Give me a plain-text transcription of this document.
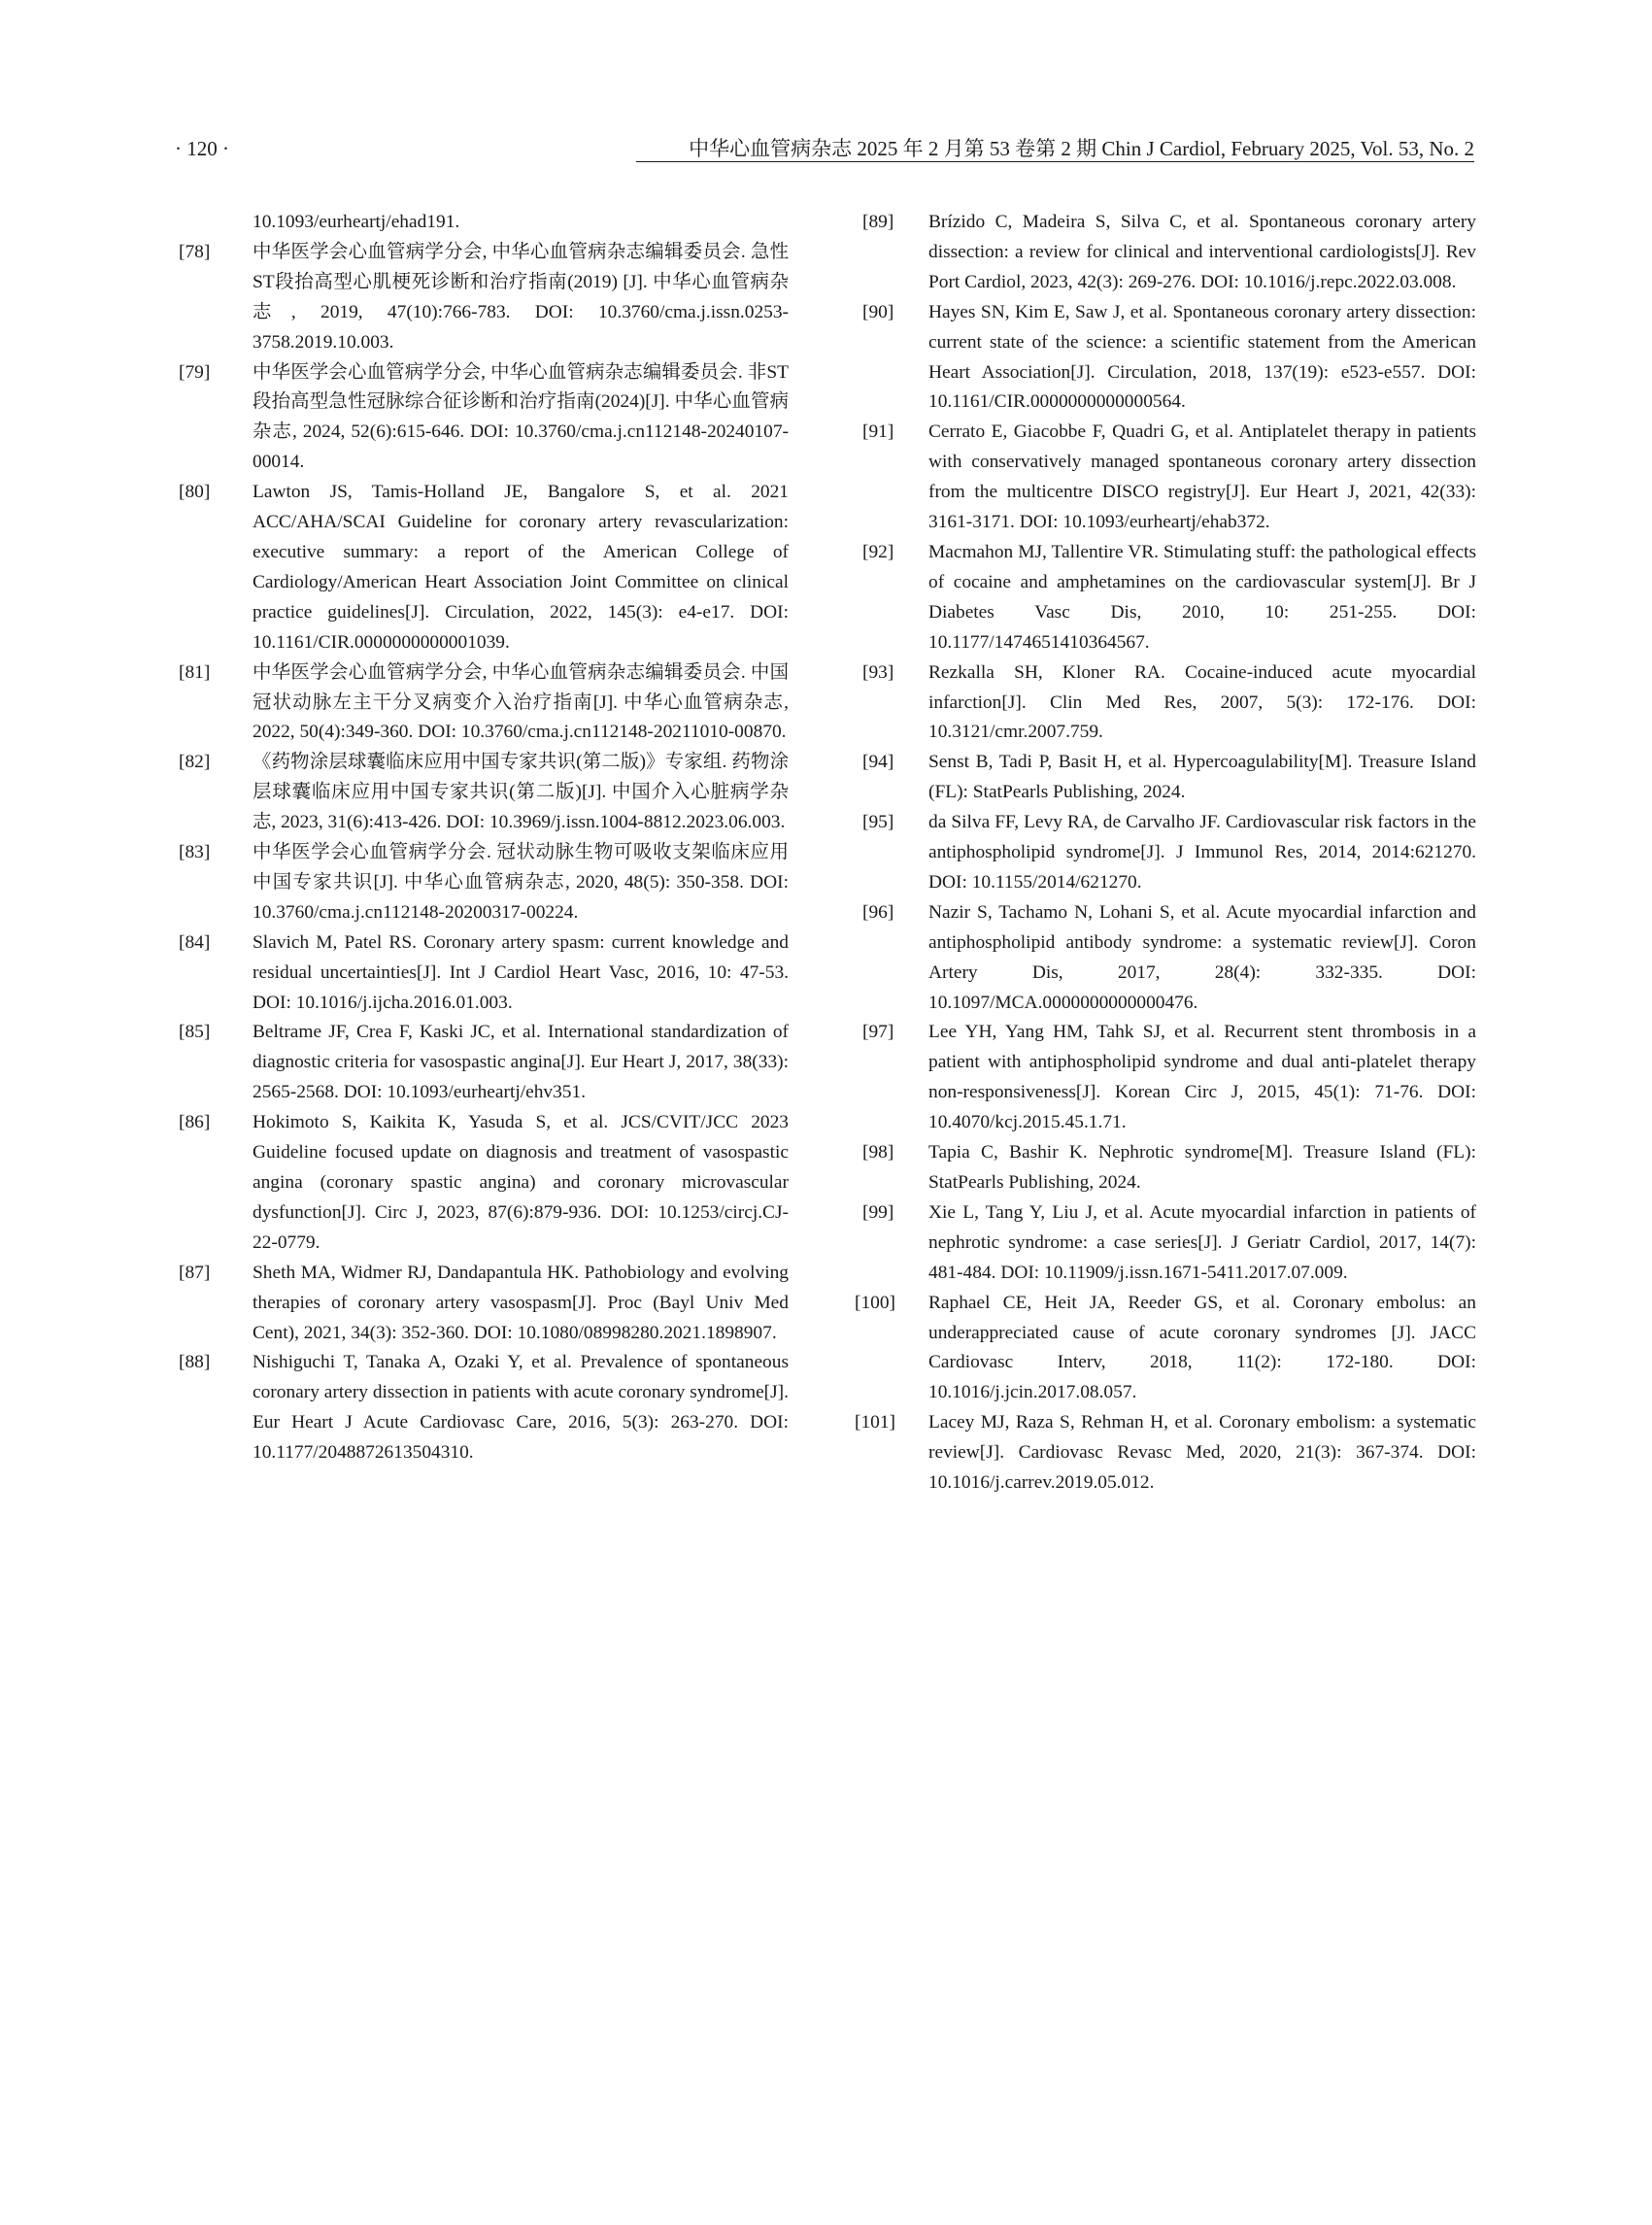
· 120 ·	中华心血管病杂志 2025 年 2 月第 53 卷第 2 期 Chin J Cardiol, February 2025, Vol. 53, No. 2
10.1093/eurheartj/ehad191.
[78] 中华医学会心血管病学分会, 中华心血管病杂志编辑委员会. 急性ST段抬高型心肌梗死诊断和治疗指南(2019) [J]. 中华心血管病杂志, 2019, 47(10):766-783. DOI: 10.3760/cma.j.issn.0253-3758.2019.10.003.
[79] 中华医学会心血管病学分会, 中华心血管病杂志编辑委员会. 非ST段抬高型急性冠脉综合征诊断和治疗指南(2024)[J]. 中华心血管病杂志, 2024, 52(6):615-646. DOI: 10.3760/cma.j.cn112148-20240107-00014.
[80] Lawton JS, Tamis-Holland JE, Bangalore S, et al. 2021 ACC/AHA/SCAI Guideline for coronary artery revascularization: executive summary: a report of the American College of Cardiology/American Heart Association Joint Committee on clinical practice guidelines[J]. Circulation, 2022, 145(3): e4-e17. DOI: 10.1161/CIR.0000000000001039.
[81] 中华医学会心血管病学分会, 中华心血管病杂志编辑委员会. 中国冠状动脉左主干分叉病变介入治疗指南[J]. 中华心血管病杂志, 2022, 50(4):349-360. DOI: 10.3760/cma.j.cn112148-20211010-00870.
[82] 《药物涂层球囊临床应用中国专家共识(第二版)》专家组. 药物涂层球囊临床应用中国专家共识(第二版)[J]. 中国介入心脏病学杂志, 2023, 31(6):413-426. DOI: 10.3969/j.issn.1004-8812.2023.06.003.
[83] 中华医学会心血管病学分会. 冠状动脉生物可吸收支架临床应用中国专家共识[J]. 中华心血管病杂志, 2020, 48(5): 350-358. DOI: 10.3760/cma.j.cn112148-20200317-00224.
[84] Slavich M, Patel RS. Coronary artery spasm: current knowledge and residual uncertainties[J]. Int J Cardiol Heart Vasc, 2016, 10: 47-53. DOI: 10.1016/j.ijcha.2016.01.003.
[85] Beltrame JF, Crea F, Kaski JC, et al. International standardization of diagnostic criteria for vasospastic angina[J]. Eur Heart J, 2017, 38(33): 2565-2568. DOI: 10.1093/eurheartj/ehv351.
[86] Hokimoto S, Kaikita K, Yasuda S, et al. JCS/CVIT/JCC 2023 Guideline focused update on diagnosis and treatment of vasospastic angina (coronary spastic angina) and coronary microvascular dysfunction[J]. Circ J, 2023, 87(6):879-936. DOI: 10.1253/circj.CJ-22-0779.
[87] Sheth MA, Widmer RJ, Dandapantula HK. Pathobiology and evolving therapies of coronary artery vasospasm[J]. Proc (Bayl Univ Med Cent), 2021, 34(3): 352-360. DOI: 10.1080/08998280.2021.1898907.
[88] Nishiguchi T, Tanaka A, Ozaki Y, et al. Prevalence of spontaneous coronary artery dissection in patients with acute coronary syndrome[J]. Eur Heart J Acute Cardiovasc Care, 2016, 5(3): 263-270. DOI: 10.1177/2048872613504310.
[89] Brízido C, Madeira S, Silva C, et al. Spontaneous coronary artery dissection: a review for clinical and interventional cardiologists[J]. Rev Port Cardiol, 2023, 42(3): 269-276. DOI: 10.1016/j.repc.2022.03.008.
[90] Hayes SN, Kim E, Saw J, et al. Spontaneous coronary artery dissection: current state of the science: a scientific statement from the American Heart Association[J]. Circulation, 2018, 137(19): e523-e557. DOI: 10.1161/CIR.0000000000000564.
[91] Cerrato E, Giacobbe F, Quadri G, et al. Antiplatelet therapy in patients with conservatively managed spontaneous coronary artery dissection from the multicentre DISCO registry[J]. Eur Heart J, 2021, 42(33): 3161-3171. DOI: 10.1093/eurheartj/ehab372.
[92] Macmahon MJ, Tallentire VR. Stimulating stuff: the pathological effects of cocaine and amphetamines on the cardiovascular system[J]. Br J Diabetes Vasc Dis, 2010, 10: 251-255. DOI: 10.1177/1474651410364567.
[93] Rezkalla SH, Kloner RA. Cocaine-induced acute myocardial infarction[J]. Clin Med Res, 2007, 5(3): 172-176. DOI: 10.3121/cmr.2007.759.
[94] Senst B, Tadi P, Basit H, et al. Hypercoagulability[M]. Treasure Island (FL): StatPearls Publishing, 2024.
[95] da Silva FF, Levy RA, de Carvalho JF. Cardiovascular risk factors in the antiphospholipid syndrome[J]. J Immunol Res, 2014, 2014:621270. DOI: 10.1155/2014/621270.
[96] Nazir S, Tachamo N, Lohani S, et al. Acute myocardial infarction and antiphospholipid antibody syndrome: a systematic review[J]. Coron Artery Dis, 2017, 28(4): 332-335. DOI: 10.1097/MCA.0000000000000476.
[97] Lee YH, Yang HM, Tahk SJ, et al. Recurrent stent thrombosis in a patient with antiphospholipid syndrome and dual anti-platelet therapy non-responsiveness[J]. Korean Circ J, 2015, 45(1): 71-76. DOI: 10.4070/kcj.2015.45.1.71.
[98] Tapia C, Bashir K. Nephrotic syndrome[M]. Treasure Island (FL): StatPearls Publishing, 2024.
[99] Xie L, Tang Y, Liu J, et al. Acute myocardial infarction in patients of nephrotic syndrome: a case series[J]. J Geriatr Cardiol, 2017, 14(7): 481-484. DOI: 10.11909/j.issn.1671-5411.2017.07.009.
[100] Raphael CE, Heit JA, Reeder GS, et al. Coronary embolus: an underappreciated cause of acute coronary syndromes [J]. JACC Cardiovasc Interv, 2018, 11(2): 172-180. DOI: 10.1016/j.jcin.2017.08.057.
[101] Lacey MJ, Raza S, Rehman H, et al. Coronary embolism: a systematic review[J]. Cardiovasc Revasc Med, 2020, 21(3): 367-374. DOI: 10.1016/j.carrev.2019.05.012.
